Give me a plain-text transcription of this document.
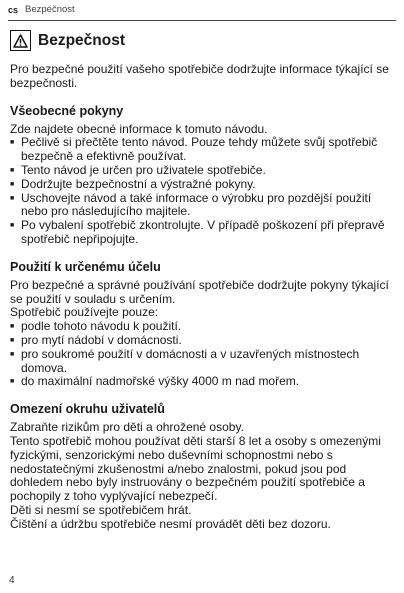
cs Bezpečnost
Bezpečnost

Pro bezpečné použití vašeho spotřebiče dodržujte informace týkající se bezpečnosti.

Všeobecné pokyny

Zde najdete obecné informace k tomuto návodu.

■ Pečlivě si přečtěte tento návod. Pouze tehdy můžete svůj spotřebič bezpečně a efektivně používat.
■ Tento návod je určen pro uživatele spotřebiče.
■ Dodržujte bezpečnostní a výstražné pokyny.
■ Uschovejte návod a také informace o výrobku pro pozdější použití nebo pro následujícího majitele.
■ Po vybalení spotřebič zkontrolujte. V případě poškození při přepravě spotřebič nepřipojujte.
Použití k určenému účelu

Pro bezpečné a správné používání spotřebiče dodržujte pokyny týkající se použití v souladu s určením.

Spotřebič používejte pouze:

■ podle tohoto návodu k použití.
■ pro mytí nádobí v domácnosti.
■ pro soukromé použití v domácnosti a v uzavřených místnostech domova.
■ do maximální nadmořské výšky 4000 m nad mořem.
Omezení okruhu uživatelů

Zabraňte rizikům pro děti a ohrožené osoby.

Tento spotřebič mohou používat děti starší 8 let a osoby s omezenými fyzickými, senzorickými nebo duševními schopnostmi nebo s nedostatečnými zkušenostmi a/nebo znalostmi, pokud jsou pod dohledem nebo byly instruovány o bezpečném použití spotřebiče a pochopily z toho vyplývající nebezpečí.

Děti si nesmí se spotřebičem hrát.

Čištění a údržbu spotřebiče nesmí provádět děti bez dozoru.

4
